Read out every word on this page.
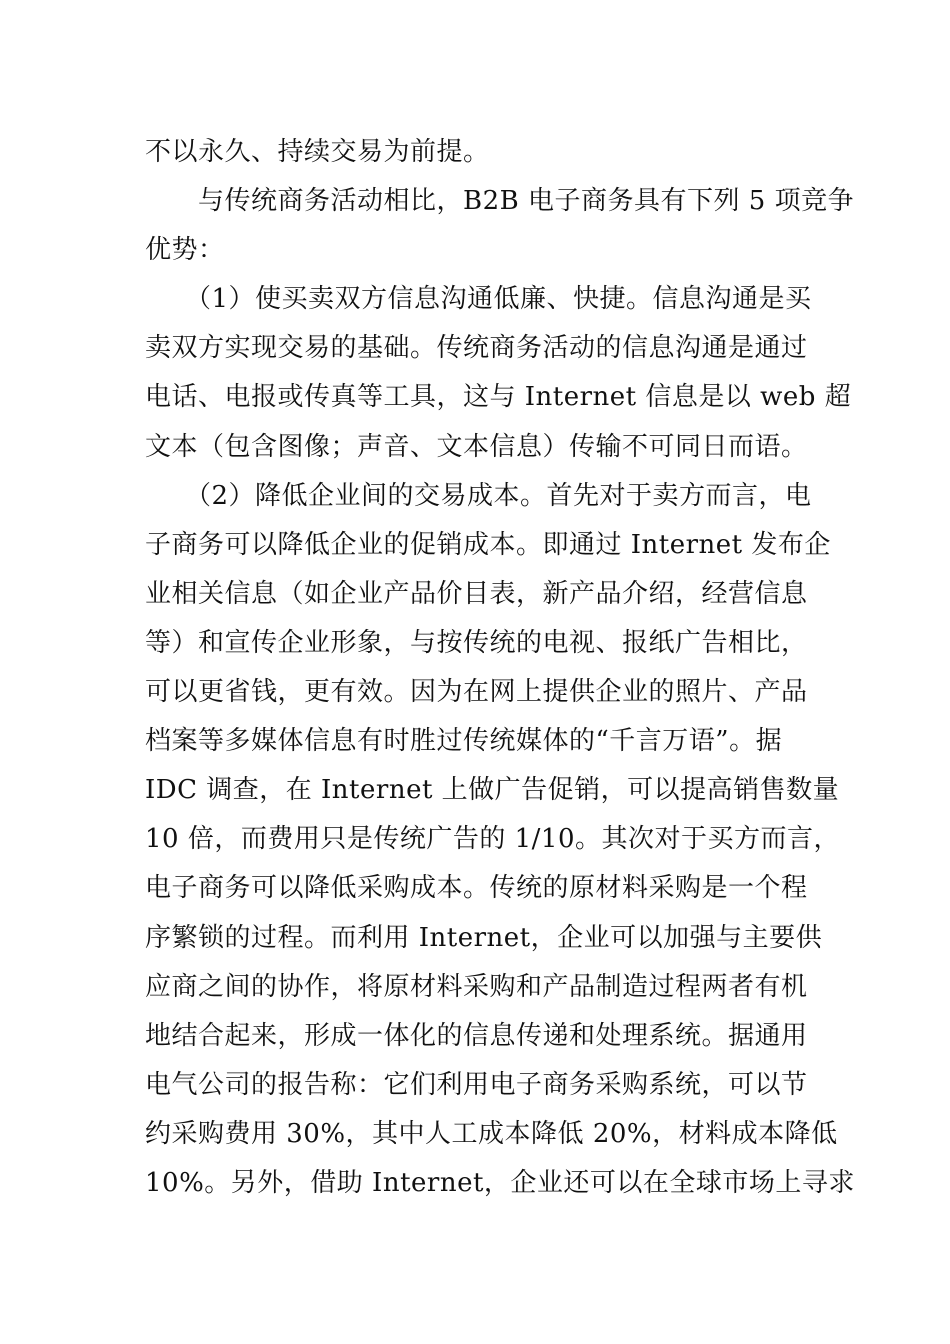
不以永久、持续交易为前提。
　　与传统商务活动相比，B2B 电子商务具有下列 5 项竞争
优势：
　　（1）使买卖双方信息沟通低廉、快捷。信息沟通是买
卖双方实现交易的基础。传统商务活动的信息沟通是通过
电话、电报或传真等工具，这与 Internet 信息是以 web 超
文本（包含图像；声音、文本信息）传输不可同日而语。
　　（2）降低企业间的交易成本。首先对于卖方而言，电
子商务可以降低企业的促销成本。即通过 Internet 发布企
业相关信息（如企业产品价目表，新产品介绍，经营信息
等）和宣传企业形象，与按传统的电视、报纸广告相比，
可以更省钱，更有效。因为在网上提供企业的照片、产品
档案等多媒体信息有时胜过传统媒体的“千言万语”。据
IDC 调查，在 Internet 上做广告促销，可以提高销售数量
10 倍，而费用只是传统广告的 1/10。其次对于买方而言，
电子商务可以降低采购成本。传统的原材料采购是一个程
序繁锁的过程。而利用 Internet，企业可以加强与主要供
应商之间的协作，将原材料采购和产品制造过程两者有机
地结合起来，形成一体化的信息传递和处理系统。据通用
电气公司的报告称：它们利用电子商务采购系统，可以节
约采购费用 30%，其中人工成本降低 20%，材料成本降低
10%。另外，借助 Internet，企业还可以在全球市场上寻求
